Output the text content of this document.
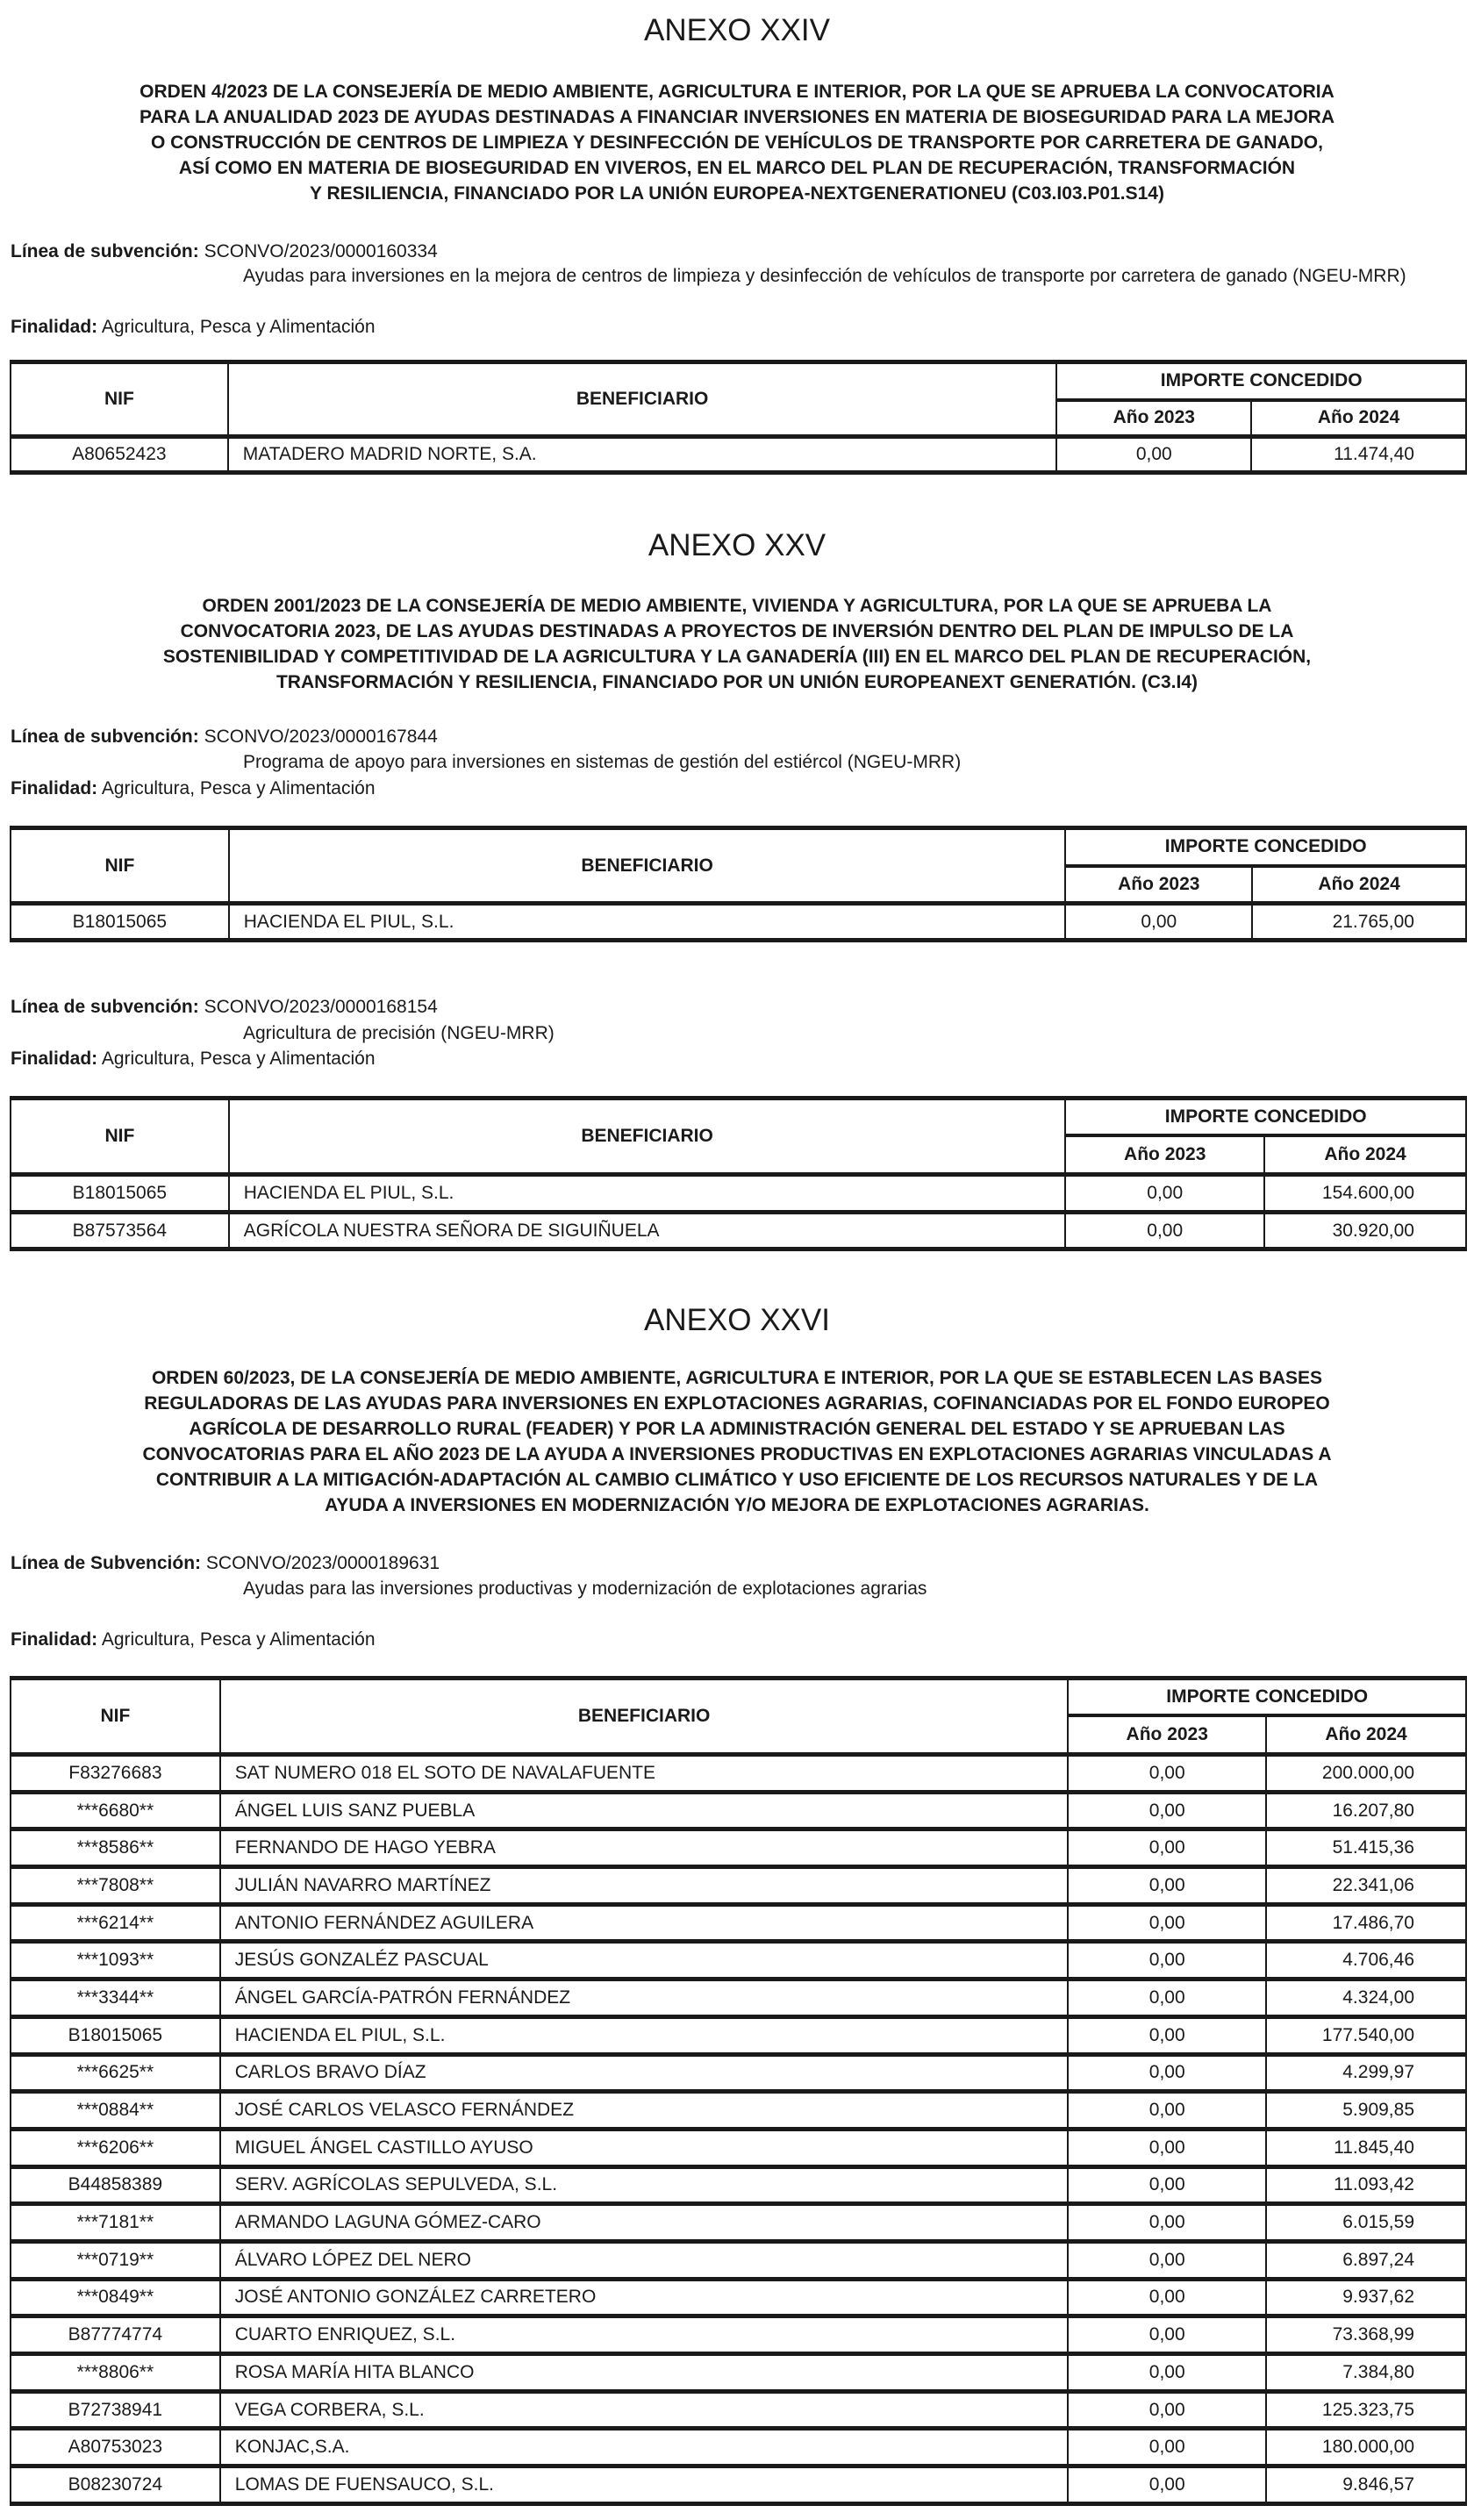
ANEXO XXIV
ORDEN 4/2023 DE LA CONSEJERÍA DE MEDIO AMBIENTE, AGRICULTURA E INTERIOR, POR LA QUE SE APRUEBA LA CONVOCATORIA
PARA LA ANUALIDAD 2023 DE AYUDAS DESTINADAS A FINANCIAR INVERSIONES EN MATERIA DE BIOSEGURIDAD PARA LA MEJORA
O CONSTRUCCIÓN DE CENTROS DE LIMPIEZA Y DESINFECCIÓN DE VEHÍCULOS DE TRANSPORTE POR CARRETERA DE GANADO,
ASÍ COMO EN MATERIA DE BIOSEGURIDAD EN VIVEROS, EN EL MARCO DEL PLAN DE RECUPERACIÓN, TRANSFORMACIÓN
Y RESILIENCIA, FINANCIADO POR LA UNIÓN EUROPEA-NEXTGENERATIONEU (C03.I03.P01.S14)
Línea de subvención: SCONVO/2023/0000160334
Ayudas para inversiones en la mejora de centros de limpieza y desinfección de vehículos de transporte por carretera de ganado (NGEU-MRR)
Finalidad: Agricultura, Pesca y Alimentación
NIF	BENEFICIARIO	IMPORTE CONCEDIDO	
		Año 2023	Año 2024
A80652423	MATADERO MADRID NORTE, S.A.	0,00	11.474,40
ANEXO XXV
ORDEN 2001/2023 DE LA CONSEJERÍA DE MEDIO AMBIENTE, VIVIENDA Y AGRICULTURA, POR LA QUE SE APRUEBA LA
CONVOCATORIA 2023, DE LAS AYUDAS DESTINADAS A PROYECTOS DE INVERSIÓN DENTRO DEL PLAN DE IMPULSO DE LA
SOSTENIBILIDAD Y COMPETITIVIDAD DE LA AGRICULTURA Y LA GANADERÍA (III) EN EL MARCO DEL PLAN DE RECUPERACIÓN,
TRANSFORMACIÓN Y RESILIENCIA, FINANCIADO POR UN UNIÓN EUROPEANEXT GENERATIÓN. (C3.I4)
Línea de subvención: SCONVO/2023/0000167844
Programa de apoyo para inversiones en sistemas de gestión del estiércol (NGEU-MRR)
Finalidad: Agricultura, Pesca y Alimentación
NIF	BENEFICIARIO	IMPORTE CONCEDIDO	
		Año 2023	Año 2024
B18015065	HACIENDA EL PIUL, S.L.	0,00	21.765,00
Línea de subvención: SCONVO/2023/0000168154
Agricultura de precisión (NGEU-MRR)
Finalidad: Agricultura, Pesca y Alimentación
NIF	BENEFICIARIO	IMPORTE CONCEDIDO	
		Año 2023	Año 2024
B18015065	HACIENDA EL PIUL, S.L.	0,00	154.600,00
B87573564	AGRÍCOLA NUESTRA SEÑORA DE SIGUIÑUELA	0,00	30.920,00
ANEXO XXVI
ORDEN 60/2023, DE LA CONSEJERÍA DE MEDIO AMBIENTE, AGRICULTURA E INTERIOR, POR LA QUE SE ESTABLECEN LAS BASES
REGULADORAS DE LAS AYUDAS PARA INVERSIONES EN EXPLOTACIONES AGRARIAS, COFINANCIADAS POR EL FONDO EUROPEO
AGRÍCOLA DE DESARROLLO RURAL (FEADER) Y POR LA ADMINISTRACIÓN GENERAL DEL ESTADO Y SE APRUEBAN LAS
CONVOCATORIAS PARA EL AÑO 2023 DE LA AYUDA A INVERSIONES PRODUCTIVAS EN EXPLOTACIONES AGRARIAS VINCULADAS A
CONTRIBUIR A LA MITIGACIÓN-ADAPTACIÓN AL CAMBIO CLIMÁTICO Y USO EFICIENTE DE LOS RECURSOS NATURALES Y DE LA
AYUDA A INVERSIONES EN MODERNIZACIÓN Y/O MEJORA DE EXPLOTACIONES AGRARIAS.
Línea de Subvención: SCONVO/2023/0000189631
Ayudas para las inversiones productivas y modernización de explotaciones agrarias
Finalidad: Agricultura, Pesca y Alimentación
NIF	BENEFICIARIO	IMPORTE CONCEDIDO	
		Año 2023	Año 2024
F83276683	SAT NUMERO 018 EL SOTO DE NAVALAFUENTE	0,00	200.000,00
***6680**	ÁNGEL LUIS SANZ PUEBLA	0,00	16.207,80
***8586**	FERNANDO DE HAGO YEBRA	0,00	51.415,36
***7808**	JULIÁN NAVARRO MARTÍNEZ	0,00	22.341,06
***6214**	ANTONIO FERNÁNDEZ AGUILERA	0,00	17.486,70
***1093**	JESÚS GONZALÉZ PASCUAL	0,00	4.706,46
***3344**	ÁNGEL GARCÍA-PATRÓN FERNÁNDEZ	0,00	4.324,00
B18015065	HACIENDA EL PIUL, S.L.	0,00	177.540,00
***6625**	CARLOS BRAVO DÍAZ	0,00	4.299,97
***0884**	JOSÉ CARLOS VELASCO FERNÁNDEZ	0,00	5.909,85
***6206**	MIGUEL ÁNGEL CASTILLO AYUSO	0,00	11.845,40
B44858389	SERV. AGRÍCOLAS SEPULVEDA, S.L.	0,00	11.093,42
***7181**	ARMANDO LAGUNA GÓMEZ-CARO	0,00	6.015,59
***0719**	ÁLVARO LÓPEZ DEL NERO	0,00	6.897,24
***0849**	JOSÉ ANTONIO GONZÁLEZ CARRETERO	0,00	9.937,62
B87774774	CUARTO ENRIQUEZ, S.L.	0,00	73.368,99
***8806**	ROSA MARÍA HITA BLANCO	0,00	7.384,80
B72738941	VEGA CORBERA, S.L.	0,00	125.323,75
A80753023	KONJAC,S.A.	0,00	180.000,00
B08230724	LOMAS DE FUENSAUCO, S.L.	0,00	9.846,57
